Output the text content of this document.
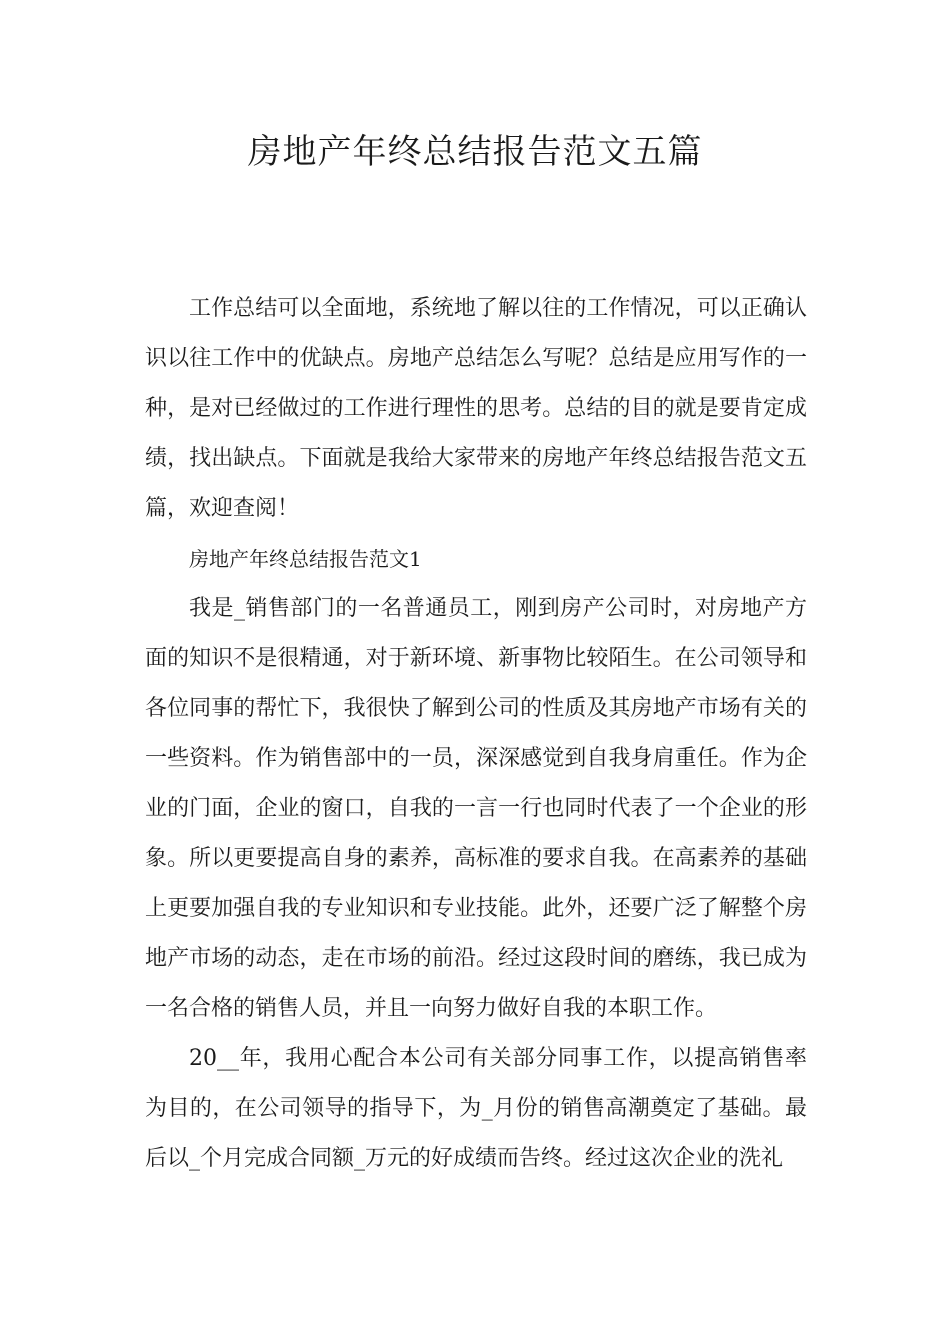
房地产年终总结报告范文五篇

工作总结可以全面地，系统地了解以往的工作情况，可以正确认识以往工作中的优缺点。房地产总结怎么写呢？总结是应用写作的一种，是对已经做过的工作进行理性的思考。总结的目的就是要肯定成绩，找出缺点。下面就是我给大家带来的房地产年终总结报告范文五篇，欢迎查阅！

房地产年终总结报告范文1

我是_销售部门的一名普通员工，刚到房产公司时，对房地产方面的知识不是很精通，对于新环境、新事物比较陌生。在公司领导和各位同事的帮忙下，我很快了解到公司的性质及其房地产市场有关的一些资料。作为销售部中的一员，深深感觉到自我身肩重任。作为企业的门面，企业的窗口，自我的一言一行也同时代表了一个企业的形象。所以更要提高自身的素养，高标准的要求自我。在高素养的基础上更要加强自我的专业知识和专业技能。此外，还要广泛了解整个房地产市场的动态，走在市场的前沿。经过这段时间的磨练，我已成为一名合格的销售人员，并且一向努力做好自我的本职工作。

20__年，我用心配合本公司有关部分同事工作，以提高销售率为目的，在公司领导的指导下，为_月份的销售高潮奠定了基础。最后以_个月完成合同额_万元的好成绩而告终。经过这次企业的洗礼
